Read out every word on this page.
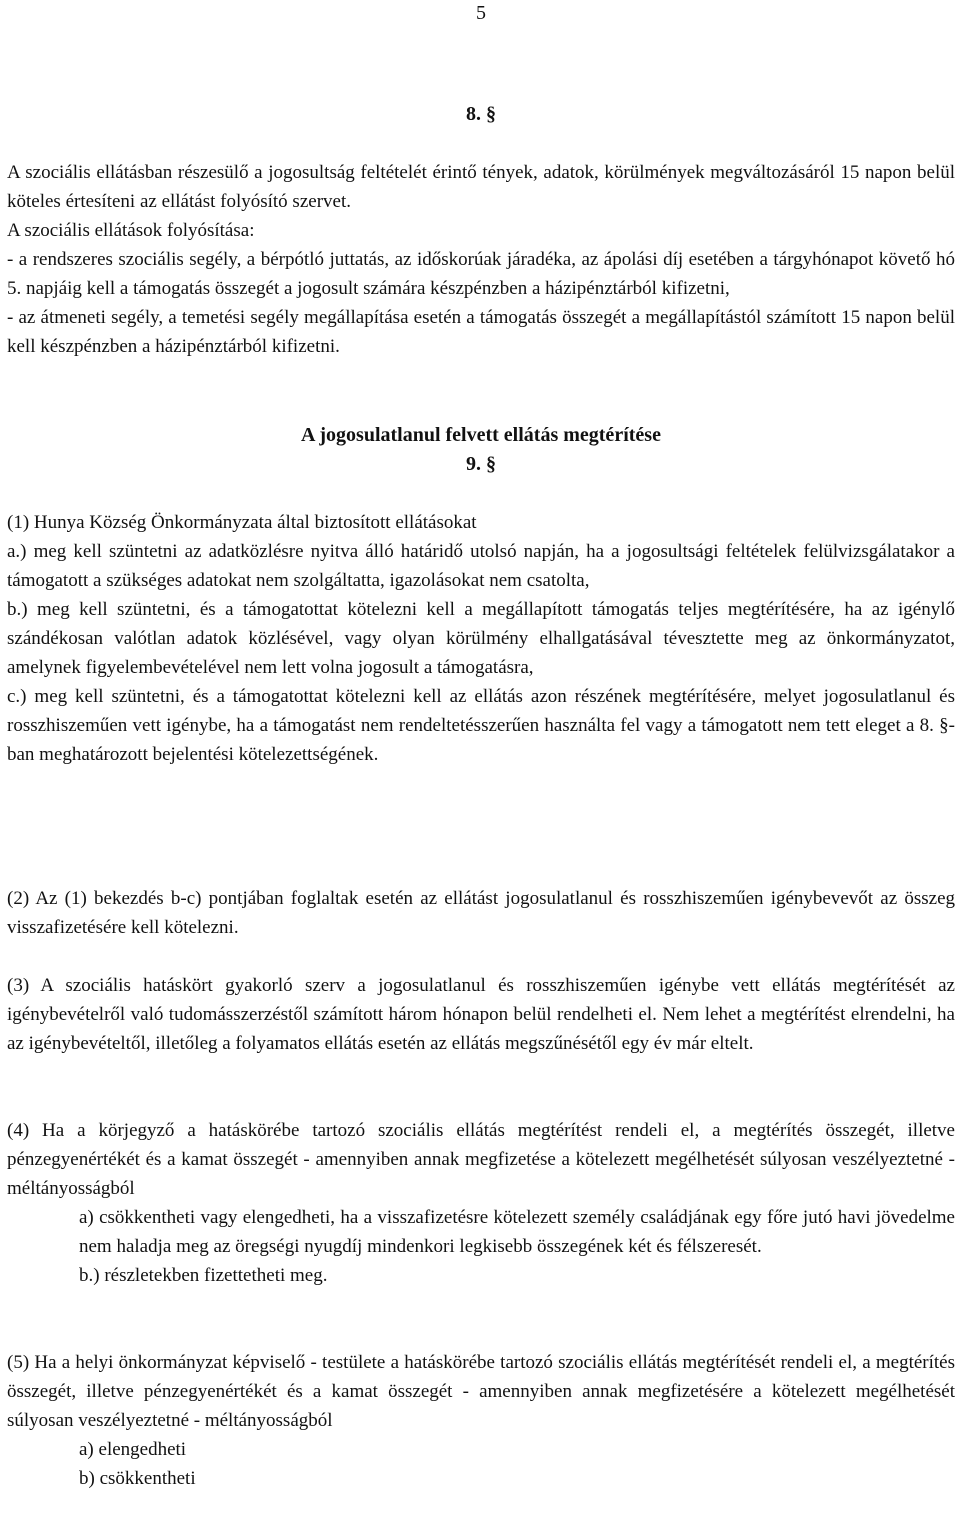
5
8. §

A szociális ellátásban részesülő a jogosultság feltételét érintő tények, adatok, körülmények megváltozásáról 15 napon belül köteles értesíteni az ellátást folyósító szervet.

A szociális ellátások folyósítása:

- a rendszeres szociális segély, a bérpótló juttatás, az időskorúak járadéka, az ápolási díj esetében a tárgyhónapot követő hó 5. napjáig kell a támogatás összegét a jogosult számára készpénzben a házipénztárból kifizetni,

- az átmeneti segély, a temetési segély megállapítása esetén a támogatás összegét a megállapítástól számított 15 napon belül kell készpénzben a házipénztárból kifizetni.

A jogosulatlanul felvett ellátás megtérítése
9. §

(1) Hunya Község Önkormányzata által biztosított ellátásokat

a.) meg kell szüntetni az adatközlésre nyitva álló határidő utolsó napján, ha a jogosultsági feltételek felülvizsgálatakor a támogatott a szükséges adatokat nem szolgáltatta, igazolásokat nem csatolta,

b.) meg kell szüntetni, és a támogatottat kötelezni kell a megállapított támogatás teljes megtérítésére, ha az igénylő szándékosan valótlan adatok közlésével, vagy olyan körülmény elhallgatásával tévesztette meg az önkormányzatot, amelynek figyelembevételével nem lett volna jogosult a támogatásra,

c.) meg kell szüntetni, és a támogatottat kötelezni kell az ellátás azon részének megtérítésére, melyet jogosulatlanul és rosszhiszeműen vett igénybe, ha a támogatást nem rendeltetésszerűen használta fel vagy a támogatott nem tett eleget a 8. §-ban meghatározott bejelentési kötelezettségének.

(2) Az (1) bekezdés b-c) pontjában foglaltak esetén az ellátást jogosulatlanul és rosszhiszeműen igénybevevőt az összeg visszafizetésére kell kötelezni.

(3) A szociális hatáskört gyakorló szerv a jogosulatlanul és rosszhiszeműen igénybe vett ellátás megtérítését az igénybevételről való tudomásszerzéstől számított három hónapon belül rendelheti el. Nem lehet a megtérítést elrendelni, ha az igénybevételtől, illetőleg a folyamatos ellátás esetén az ellátás megszűnésétől egy év már eltelt.

(4) Ha a körjegyző a hatáskörébe tartozó szociális ellátás megtérítést rendeli el, a megtérítés összegét, illetve pénzegyenértékét és a kamat összegét - amennyiben annak megfizetése a kötelezett megélhetését súlyosan veszélyeztetné - méltányosságból

a) csökkentheti vagy elengedheti, ha a visszafizetésre kötelezett személy családjának egy főre jutó havi jövedelme nem haladja meg az öregségi nyugdíj mindenkori legkisebb összegének két és félszeresét.

b.) részletekben fizettetheti meg.

(5) Ha a helyi önkormányzat képviselő - testülete a hatáskörébe tartozó szociális ellátás megtérítését rendeli el, a megtérítés összegét, illetve pénzegyenértékét és a kamat összegét - amennyiben annak megfizetésére a kötelezett megélhetését súlyosan veszélyeztetné - méltányosságból

a) elengedheti

b) csökkentheti
